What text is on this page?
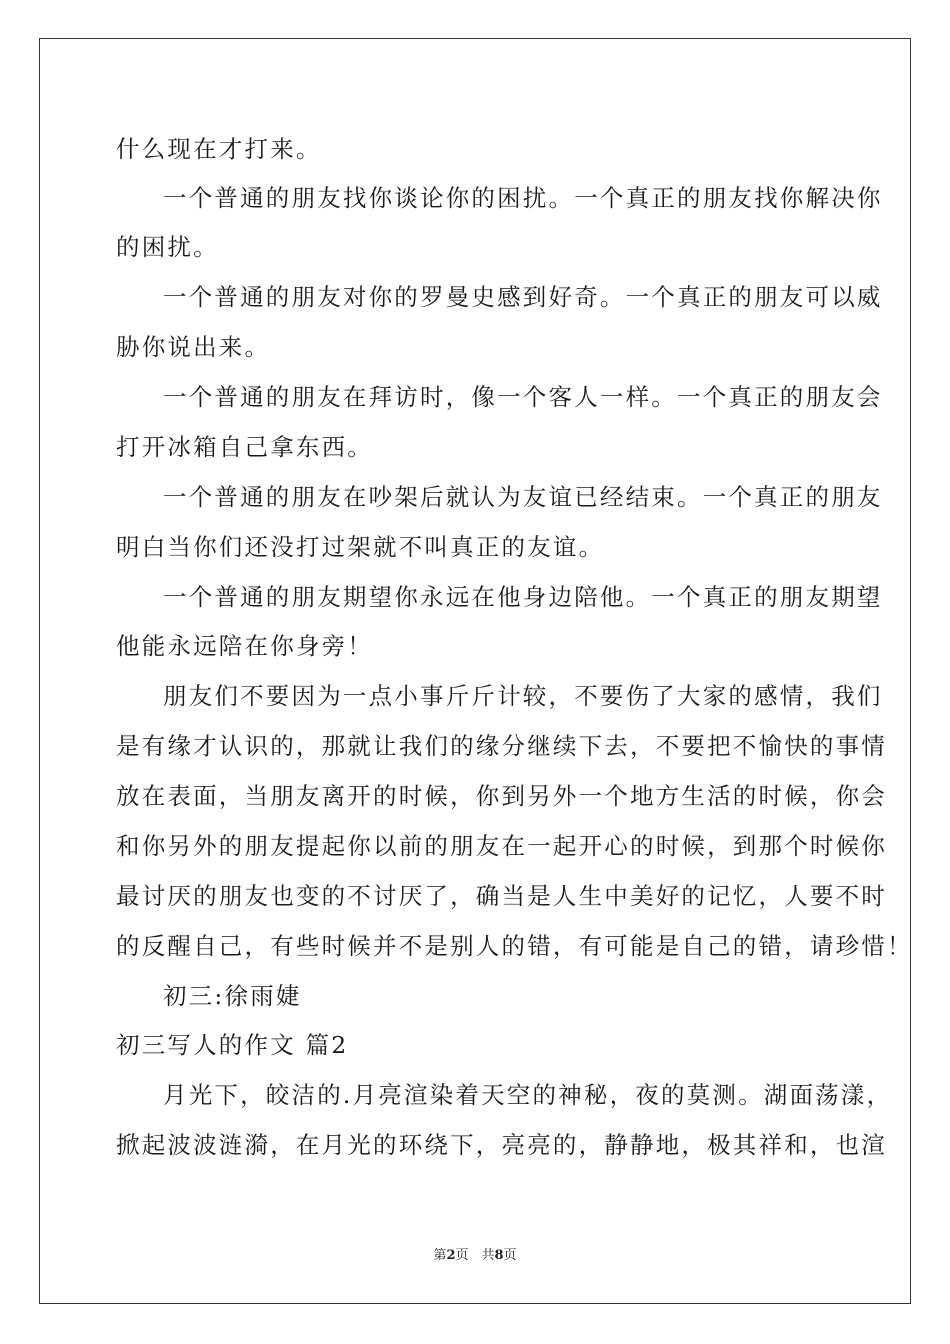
什么现在才打来。
一个普通的朋友找你谈论你的困扰。一个真正的朋友找你解决你
的困扰。
一个普通的朋友对你的罗曼史感到好奇。一个真正的朋友可以威
胁你说出来。
一个普通的朋友在拜访时，像一个客人一样。一个真正的朋友会
打开冰箱自己拿东西。
一个普通的朋友在吵架后就认为友谊已经结束。一个真正的朋友
明白当你们还没打过架就不叫真正的友谊。
一个普通的朋友期望你永远在他身边陪他。一个真正的朋友期望
他能永远陪在你身旁！
朋友们不要因为一点小事斤斤计较，不要伤了大家的感情，我们
是有缘才认识的，那就让我们的缘分继续下去，不要把不愉快的事情
放在表面，当朋友离开的时候，你到另外一个地方生活的时候，你会
和你另外的朋友提起你以前的朋友在一起开心的时候，到那个时候你
最讨厌的朋友也变的不讨厌了，确当是人生中美好的记忆，人要不时
的反醒自己，有些时候并不是别人的错，有可能是自己的错，请珍惜！
初三:徐雨婕
初三写人的作文 篇2
月光下，皎洁的.月亮渲染着天空的神秘，夜的莫测。湖面荡漾，
掀起波波涟漪，在月光的环绕下，亮亮的，静静地，极其祥和，也渲
第2页　共8页
